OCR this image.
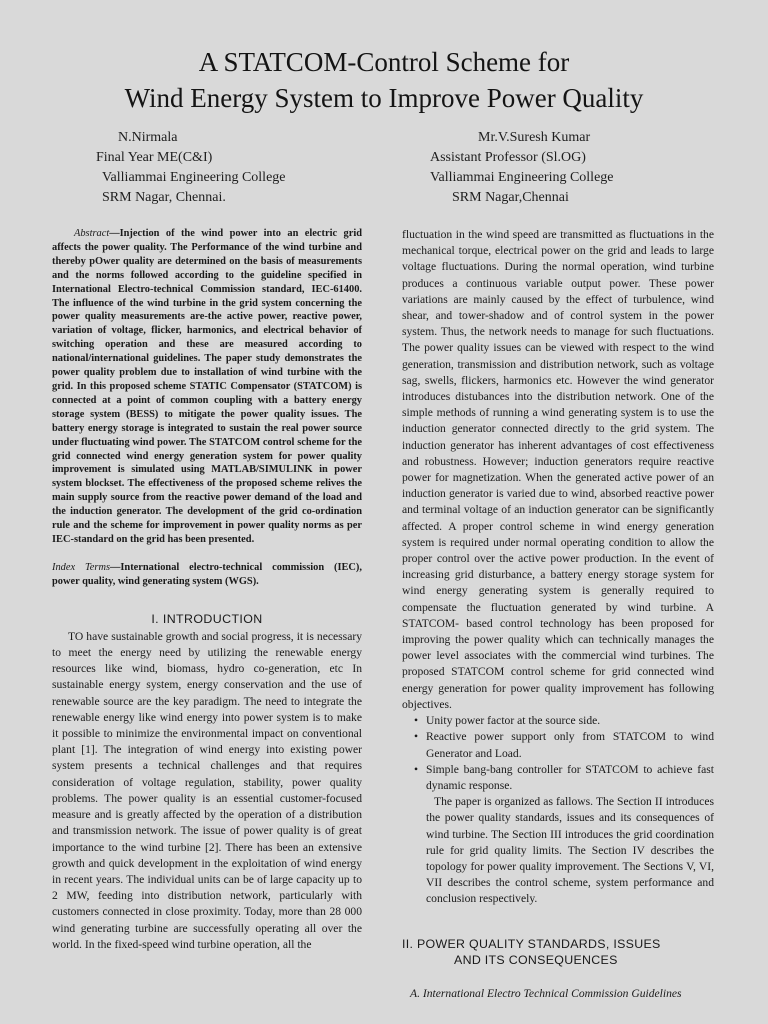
A STATCOM-Control Scheme for
Wind Energy System to Improve Power Quality
N.Nirmala
Final Year ME(C&I)
Valliammai Engineering College
SRM Nagar, Chennai.
Mr.V.Suresh Kumar
Assistant Professor (Sl.OG)
Valliammai Engineering College
SRM Nagar,Chennai

Abstract—Injection of the wind power into an electric grid affects the power quality. The Performance of the wind turbine and thereby pOwer quality are determined on the basis of measurements and the norms followed according to the guideline specified in International Electro-technical Commission standard, IEC-61400. The influence of the wind turbine in the grid system concerning the power quality measurements are-the active power, reactive power, variation of voltage, flicker, harmonics, and electrical behavior of switching operation and these are measured according to national/international guidelines. The paper study demonstrates the power quality problem due to installation of wind turbine with the grid. In this proposed scheme STATIC Compensator (STATCOM) is connected at a point of common coupling with a battery energy storage system (BESS) to mitigate the power quality issues. The battery energy storage is integrated to sustain the real power source under fluctuating wind power. The STATCOM control scheme for the grid connected wind energy generation system for power quality improvement is simulated using MATLAB/SIMULINK in power system blockset. The effectiveness of the proposed scheme relives the main supply source from the reactive power demand of the load and the induction generator. The development of the grid co-ordination rule and the scheme for improvement in power quality norms as per IEC-standard on the grid has been presented.

Index Terms—International electro-technical commission (IEC), power quality, wind generating system (WGS).

I. INTRODUCTION

TO have sustainable growth and social progress, it is necessary to meet the energy need by utilizing the renewable energy resources like wind, biomass, hydro co-generation, etc In sustainable energy system, energy conservation and the use of renewable source are the key paradigm. The need to integrate the renewable energy like wind energy into power system is to make it possible to minimize the environmental impact on conventional plant [1]. The integration of wind energy into existing power system presents a technical challenges and that requires consideration of voltage regulation, stability, power quality problems. The power quality is an essential customer-focused measure and is greatly affected by the operation of a distribution and transmission network. The issue of power quality is of great importance to the wind turbine [2]. There has been an extensive growth and quick development in the exploitation of wind energy in recent years. The individual units can be of large capacity up to 2 MW, feeding into distribution network, particularly with customers connected in close proximity. Today, more than 28 000 wind generating turbine are successfully operating all over the world. In the fixed-speed wind turbine operation, all the

fluctuation in the wind speed are transmitted as fluctuations in the mechanical torque, electrical power on the grid and leads to large voltage fluctuations. During the normal operation, wind turbine produces a continuous variable output power. These power variations are mainly caused by the effect of turbulence, wind shear, and tower-shadow and of control system in the power system. Thus, the network needs to manage for such fluctuations. The power quality issues can be viewed with respect to the wind generation, transmission and distribution network, such as voltage sag, swells, flickers, harmonics etc. However the wind generator introduces distubances into the distribution network. One of the simple methods of running a wind generating system is to use the induction generator connected directly to the grid system. The induction generator has inherent advantages of cost effectiveness and robustness. However; induction generators require reactive power for magnetization. When the generated active power of an induction generator is varied due to wind, absorbed reactive power and terminal voltage of an induction generator can be significantly affected. A proper control scheme in wind energy generation system is required under normal operating condition to allow the proper control over the active power production. In the event of increasing grid disturbance, a battery energy storage system for wind energy generating system is generally required to compensate the fluctuation generated by wind turbine. A STATCOM- based control technology has been proposed for improving the power quality which can technically manages the power level associates with the commercial wind turbines. The proposed STATCOM control scheme for grid connected wind energy generation for power quality improvement has following objectives.

• Unity power factor at the source side.
• Reactive power support only from STATCOM to wind Generator and Load.
• Simple bang-bang controller for STATCOM to achieve fast dynamic response.

The paper is organized as fallows. The Section II introduces the power quality standards, issues and its consequences of wind turbine. The Section III introduces the grid coordination rule for grid quality limits. The Section IV describes the topology for power quality improvement. The Sections V, VI, VII describes the control scheme, system performance and conclusion respectively.

II. POWER QUALITY STANDARDS, ISSUES
AND ITS CONSEQUENCES
A. International Electro Technical Commission Guidelines
